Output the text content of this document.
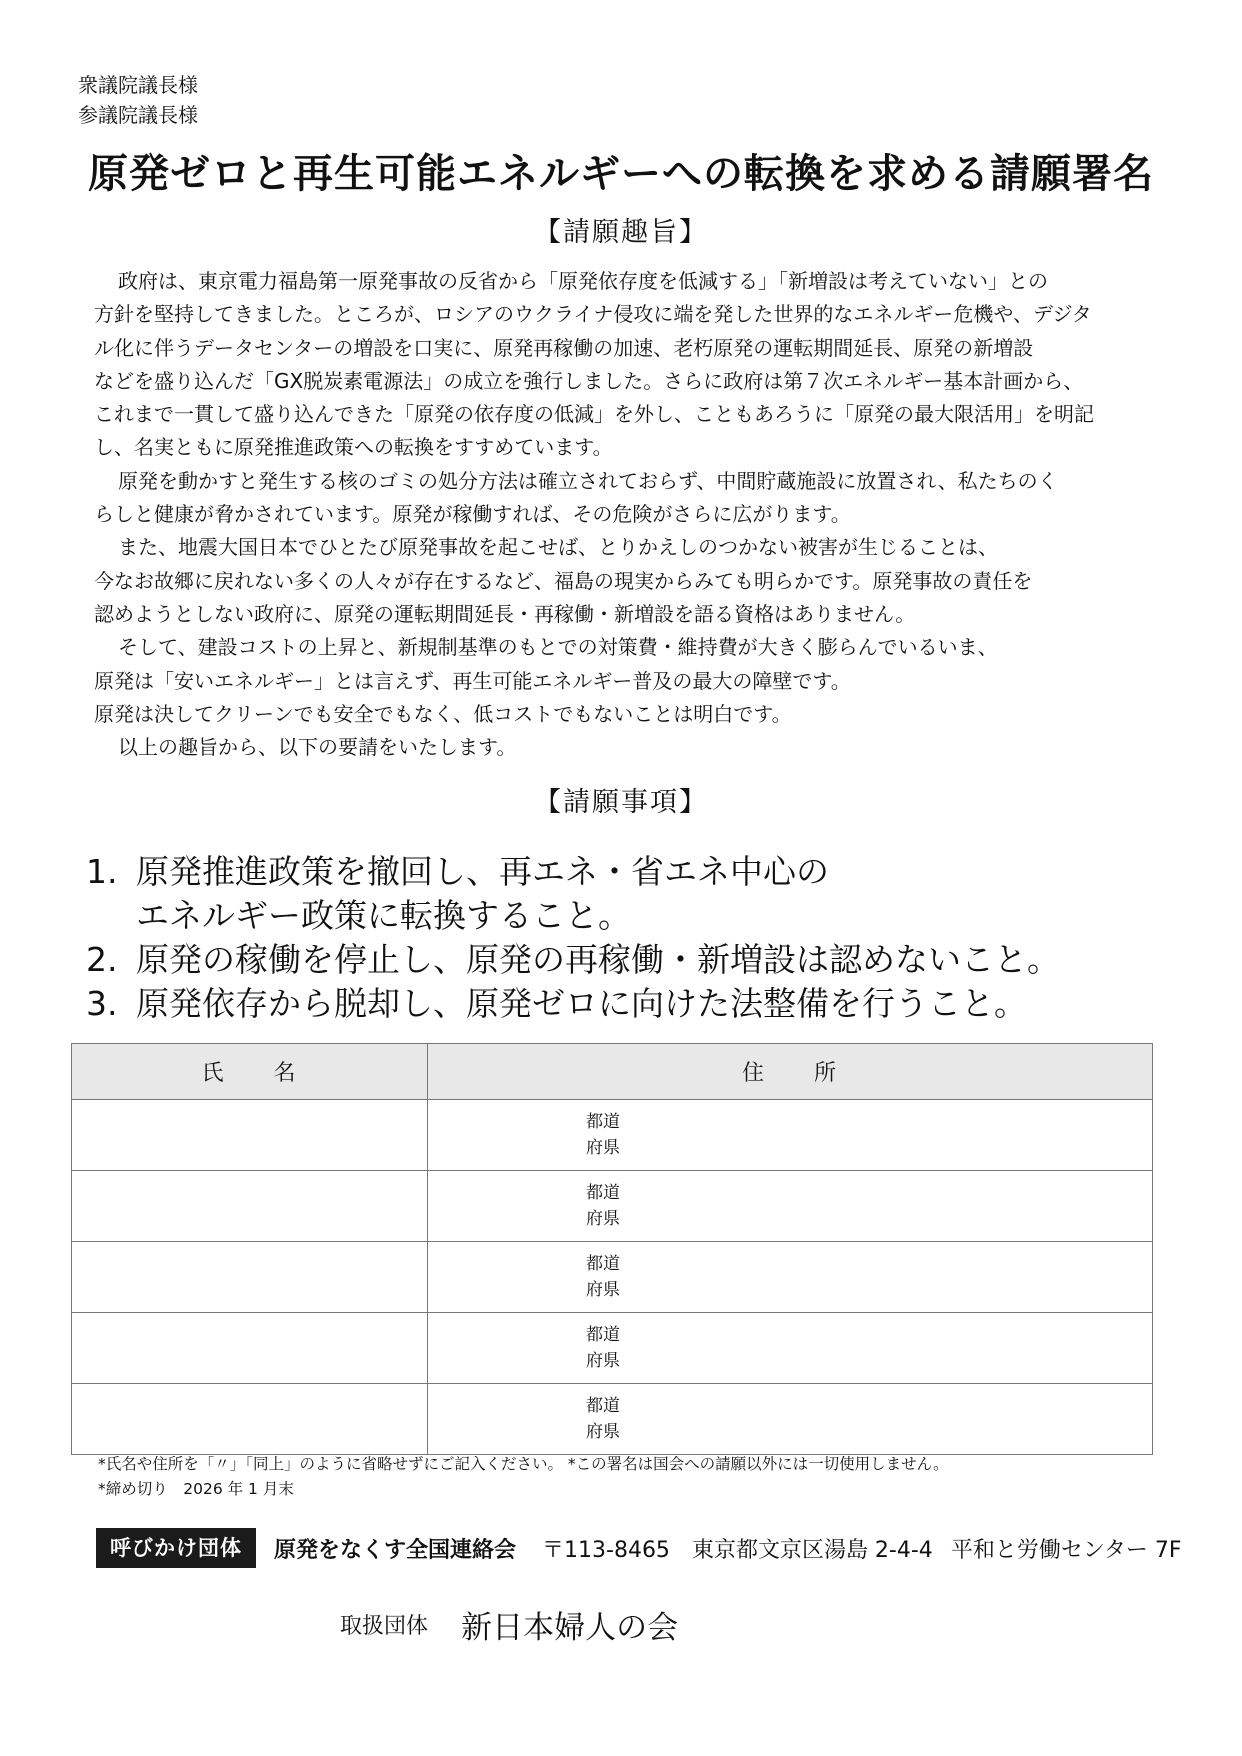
衆議院議長様
参議院議長様
原発ゼロと再生可能エネルギーへの転換を求める請願署名
【請願趣旨】

政府は、東京電力福島第一原発事故の反省から「原発依存度を低減する」「新増設は考えていない」との

方針を堅持してきました。ところが、ロシアのウクライナ侵攻に端を発した世界的なエネルギー危機や、デジタ

ル化に伴うデータセンターの増設を口実に、原発再稼働の加速、老朽原発の運転期間延長、原発の新増設

などを盛り込んだ「GX脱炭素電源法」の成立を強行しました。さらに政府は第７次エネルギー基本計画から、

これまで一貫して盛り込んできた「原発の依存度の低減」を外し、こともあろうに「原発の最大限活用」を明記

し、名実ともに原発推進政策への転換をすすめています。

原発を動かすと発生する核のゴミの処分方法は確立されておらず、中間貯蔵施設に放置され、私たちのく

らしと健康が脅かされています。原発が稼働すれば、その危険がさらに広がります。

また、地震大国日本でひとたび原発事故を起こせば、とりかえしのつかない被害が生じることは、

今なお故郷に戻れない多くの人々が存在するなど、福島の現実からみても明らかです。原発事故の責任を

認めようとしない政府に、原発の運転期間延長・再稼働・新増設を語る資格はありません。

そして、建設コストの上昇と、新規制基準のもとでの対策費・維持費が大きく膨らんでいるいま、

原発は「安いエネルギー」とは言えず、再生可能エネルギー普及の最大の障壁です。

原発は決してクリーンでも安全でもなく、低コストでもないことは明白です。

以上の趣旨から、以下の要請をいたします。

【請願事項】
1. 原発推進政策を撤回し、再エネ・省エネ中心の
エネルギー政策に転換すること。
2. 原発の稼働を停止し、原発の再稼働・新増設は認めないこと。
3. 原発依存から脱却し、原発ゼロに向けた法整備を行うこと。
氏　　名	住　　所

	都道府県

	都道府県

	都道府県

	都道府県

	都道府県
*氏名や住所を「〃」「同上」のように省略せずにご記入ください。 *この署名は国会への請願以外には一切使用しません。
*締め切り　2026 年 1 月末
呼びかけ団体	原発をなくす全国連絡会 〒113-8465 東京都文京区湯島 2-4-4 平和と労働センター 7F
取扱団体 新日本婦人の会
